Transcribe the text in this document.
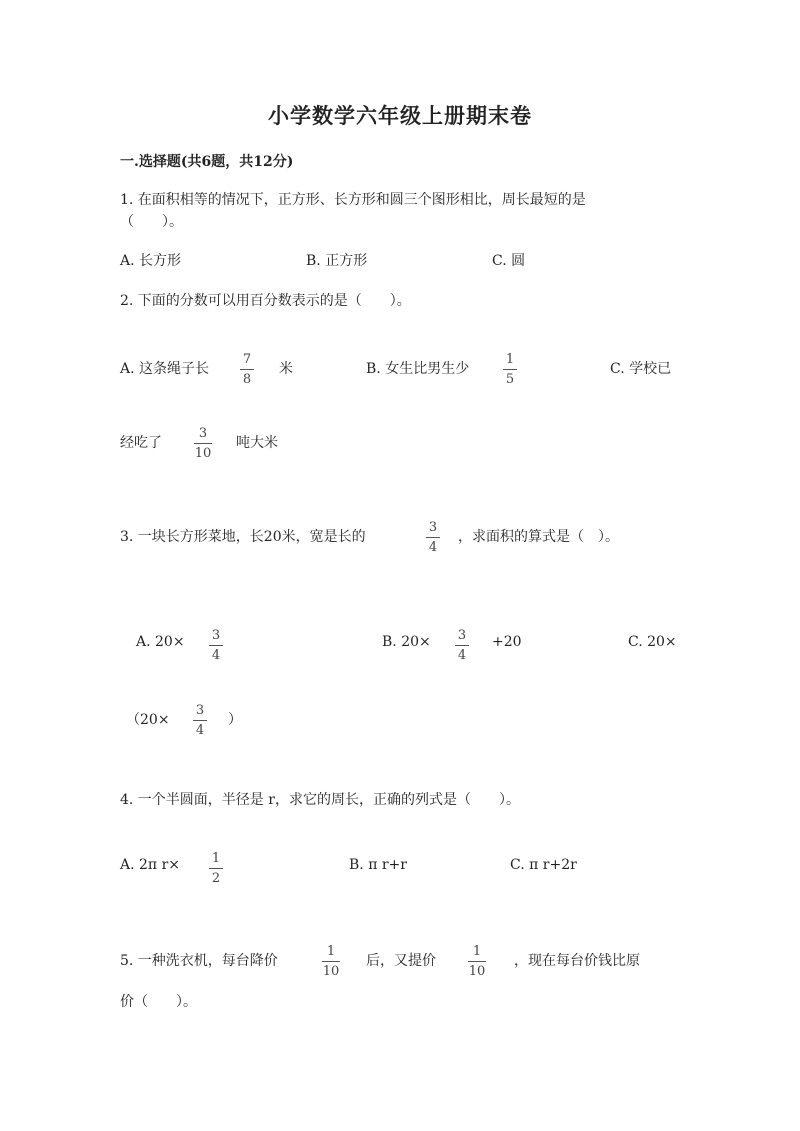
小学数学六年级上册期末卷
一.选择题(共6题，共12分)
1. 在面积相等的情况下，正方形、长方形和圆三个图形相比，周长最短的是
（　　）。
A. 长方形	B. 正方形	C. 圆
2. 下面的分数可以用百分数表示的是（　　）。
A. 这条绳子长
7
8
米	B. 女生比男生少
1
5
C. 学校已
经吃了
3
10
吨大米
3. 一块长方形菜地，长20米，宽是长的
3
4
，求面积的算式是（　）。
A. 20× 3
4
B. 20× 3
4
+20	C. 20×
（20×
3
4
）
4. 一个半圆面，半径是 r，求它的周长，正确的列式是（　　）。
A. 2π r× 1
2
B. π r+r	C. π r+2r
5. 一种洗衣机，每台降价
1
10
后，又提价
1
10
，现在每台价钱比原
价（　　）。
